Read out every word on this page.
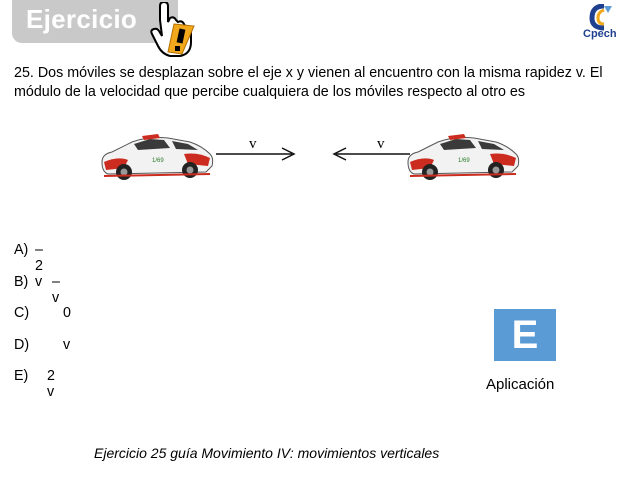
Ejercicio	Cpech
25. Dos móviles se desplazan sobre el eje x y vienen al encuentro con la misma rapidez v. El módulo de la velocidad que percibe cualquiera de los móviles respecto al otro es
1/69	1/69
v	v
A) –2 v
B) –v
C) 0
D) v
E) 2 v
E
Aplicación
Ejercicio 25 guía Movimiento IV: movimientos verticales
